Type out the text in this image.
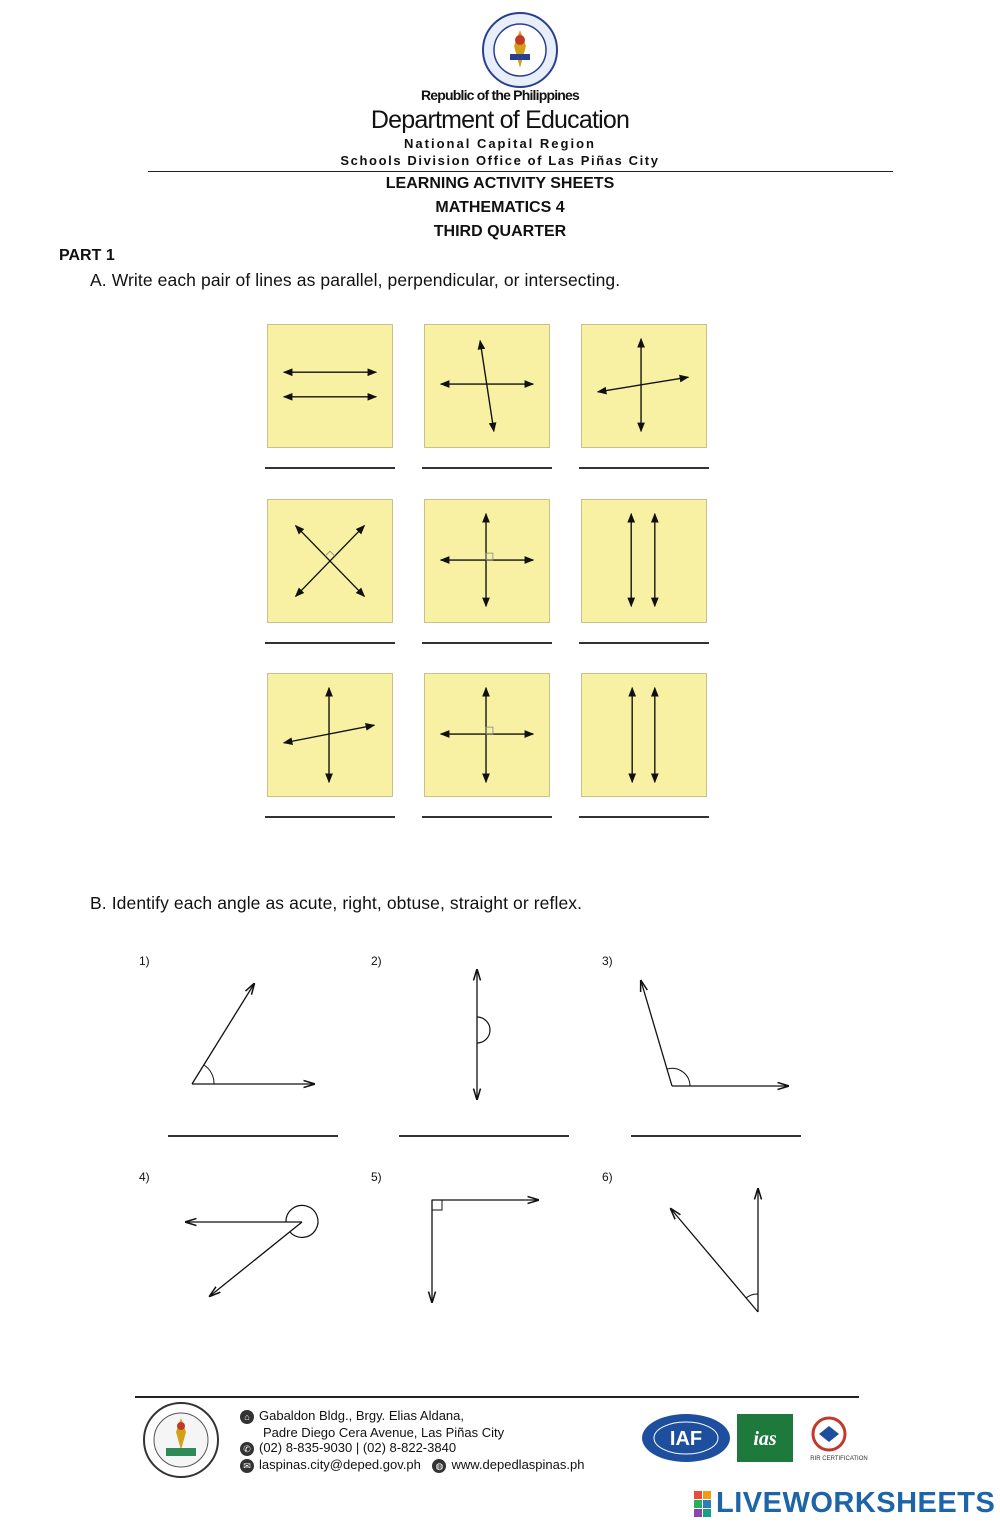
Republic of the Philippines
Department of Education
National Capital Region
Schools Division Office of Las Piñas City
LEARNING ACTIVITY SHEETS
MATHEMATICS 4
THIRD QUARTER
PART 1
A. Write each pair of lines as parallel, perpendicular, or intersecting.
B. Identify each angle as acute, right, obtuse, straight or reflex.
1)	2)	3)
4)	5)	6)
⌂ Gabaldon Bldg., Brgy. Elias Aldana,
Padre Diego Cera Avenue, Las Piñas City
✆ (02) 8-835-9030 | (02) 8-822-3840
✉ laspinas.city@deped.gov.ph ◍ www.depedlaspinas.ph
IAF	ias
RIR CERTIFICATION
LIVEWORKSHEETS
